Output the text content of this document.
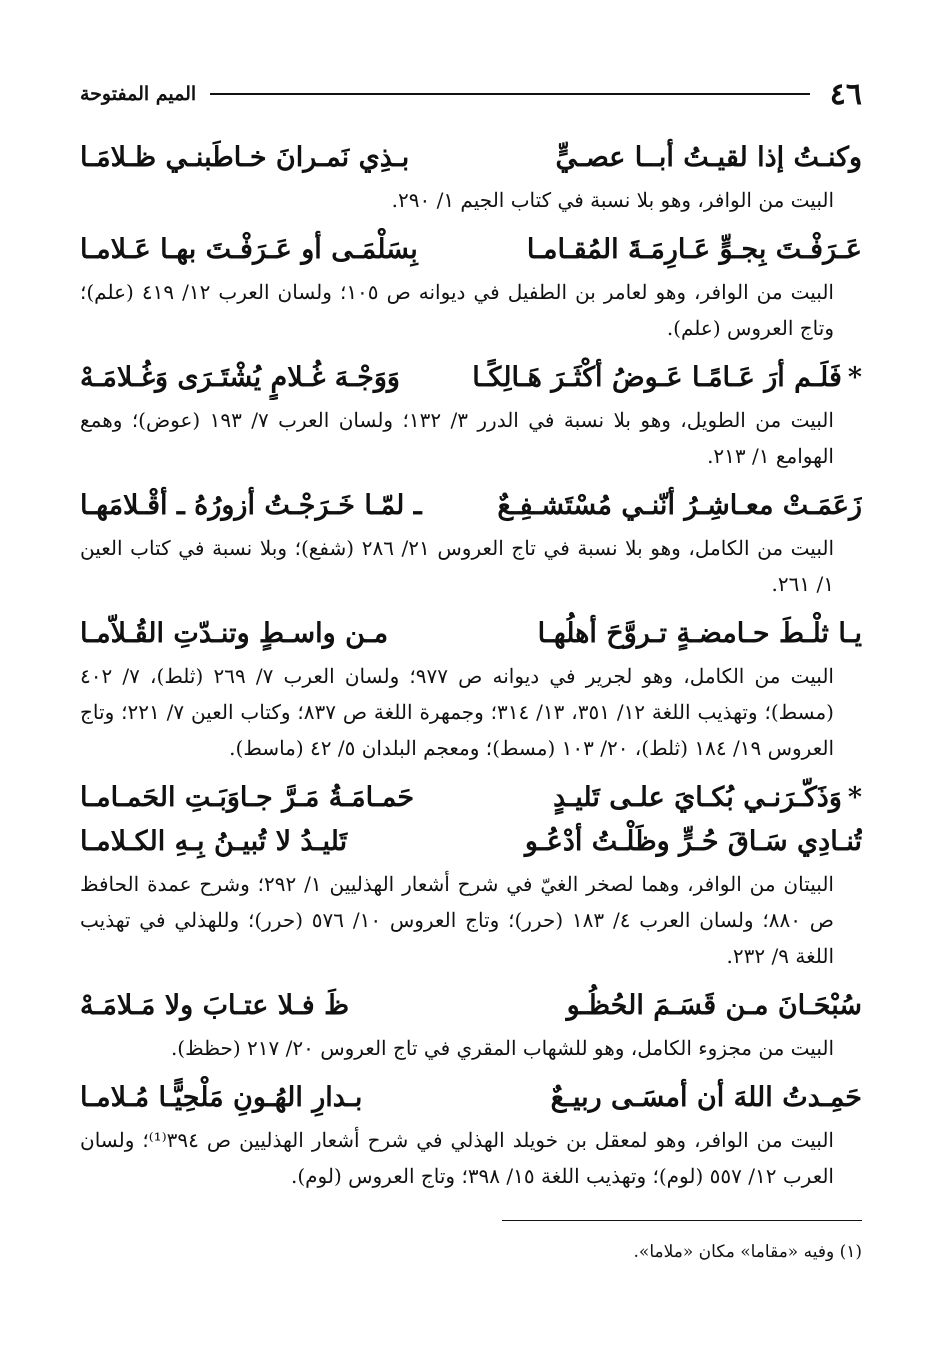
٤٦
الميم المفتوحة
وكنـتُ إذا لقيـتُ أبــا عصـيٍّ
بـذِي نَمـرانَ خـاطَبنـي ظـلامَـا

البيت من الوافر، وهو بلا نسبة في كتاب الجيم ١/ ٢٩٠.

عَـرَفْـتَ بِجـوٍّ عَـارِمَـةَ المُقـامـا
بِسَلْمَـى أو عَـرَفْـتَ بهـا عَـلامـا

البيت من الوافر، وهو لعامر بن الطفيل في ديوانه ص ١٠٥؛ ولسان العرب ١٢/ ٤١٩ (علم)؛ وتاج العروس (علم).

*فَلَـم أرَ عَـامًـا عَـوضُ أكْثَـرَ هَـالِكًـا
وَوَجْـهَ غُـلامٍ يُشْتَـرَى وَغُـلامَـهْ

البيت من الطويل، وهو بلا نسبة في الدرر ٣/ ١٣٢؛ ولسان العرب ٧/ ١٩٣ (عوض)؛ وهمع الهوامع ١/ ٢١٣.

زَعَمَـتْ معـاشِـرُ أنّنـي مُسْتَشـفِـعٌ
ـ لمّـا خَـرَجْـتُ أزورُهُ ـ أقْـلامَهـا

البيت من الكامل، وهو بلا نسبة في تاج العروس ٢١/ ٢٨٦ (شفع)؛ وبلا نسبة في كتاب العين ١/ ٢٦١.

يـا ثلْـطَ حـامضـةٍ تـروَّحَ أهلُهـا
مـن واسـطٍ وتنـدّتِ القُـلاّمـا

البيت من الكامل، وهو لجرير في ديوانه ص ٩٧٧؛ ولسان العرب ٧/ ٢٦٩ (ثلط)، ٧/ ٤٠٢ (مسط)؛ وتهذيب اللغة ١٢/ ٣٥١، ١٣/ ٣١٤؛ وجمهرة اللغة ص ٨٣٧؛ وكتاب العين ٧/ ٢٢١؛ وتاج العروس ١٩/ ١٨٤ (ثلط)، ٢٠/ ١٠٣ (مسط)؛ ومعجم البلدان ٥/ ٤٢ (ماسط).

*وَذَكّـرَنـي بُكـايَ علـى تَليـدٍ
حَمـامَـةُ مَـرَّ جـاوَبَـتِ الحَمـامـا
تُنـادِي سَـاقَ حُـرٍّ وظَلْـتُ أدْعُـو
تَليـدُ لا تُبيـنُ بِـهِ الكـلامـا

البيتان من الوافر، وهما لصخر الغيّ في شرح أشعار الهذليين ١/ ٢٩٢؛ وشرح عمدة الحافظ ص ٨٨٠؛ ولسان العرب ٤/ ١٨٣ (حرر)؛ وتاج العروس ١٠/ ٥٧٦ (حرر)؛ وللهذلي في تهذيب اللغة ٩/ ٢٣٢.

سُبْحَـانَ مـن قَسَـمَ الحُظُـو
ظَ فـلا عتـابَ ولا مَـلامَـهْ

البيت من مجزوء الكامل، وهو للشهاب المقري في تاج العروس ٢٠/ ٢١٧ (حظظ).

حَمِـدتُ اللهَ أن أمسَـى ربيـعٌ
بـدارِ الهُـونِ مَلْحِيًّـا مُـلامـا

البيت من الوافر، وهو لمعقل بن خويلد الهذلي في شرح أشعار الهذليين ص ٣٩٤⁽¹⁾؛ ولسان العرب ١٢/ ٥٥٧ (لوم)؛ وتهذيب اللغة ١٥/ ٣٩٨؛ وتاج العروس (لوم).

(١) وفيه «مقاما» مكان «ملاما».
